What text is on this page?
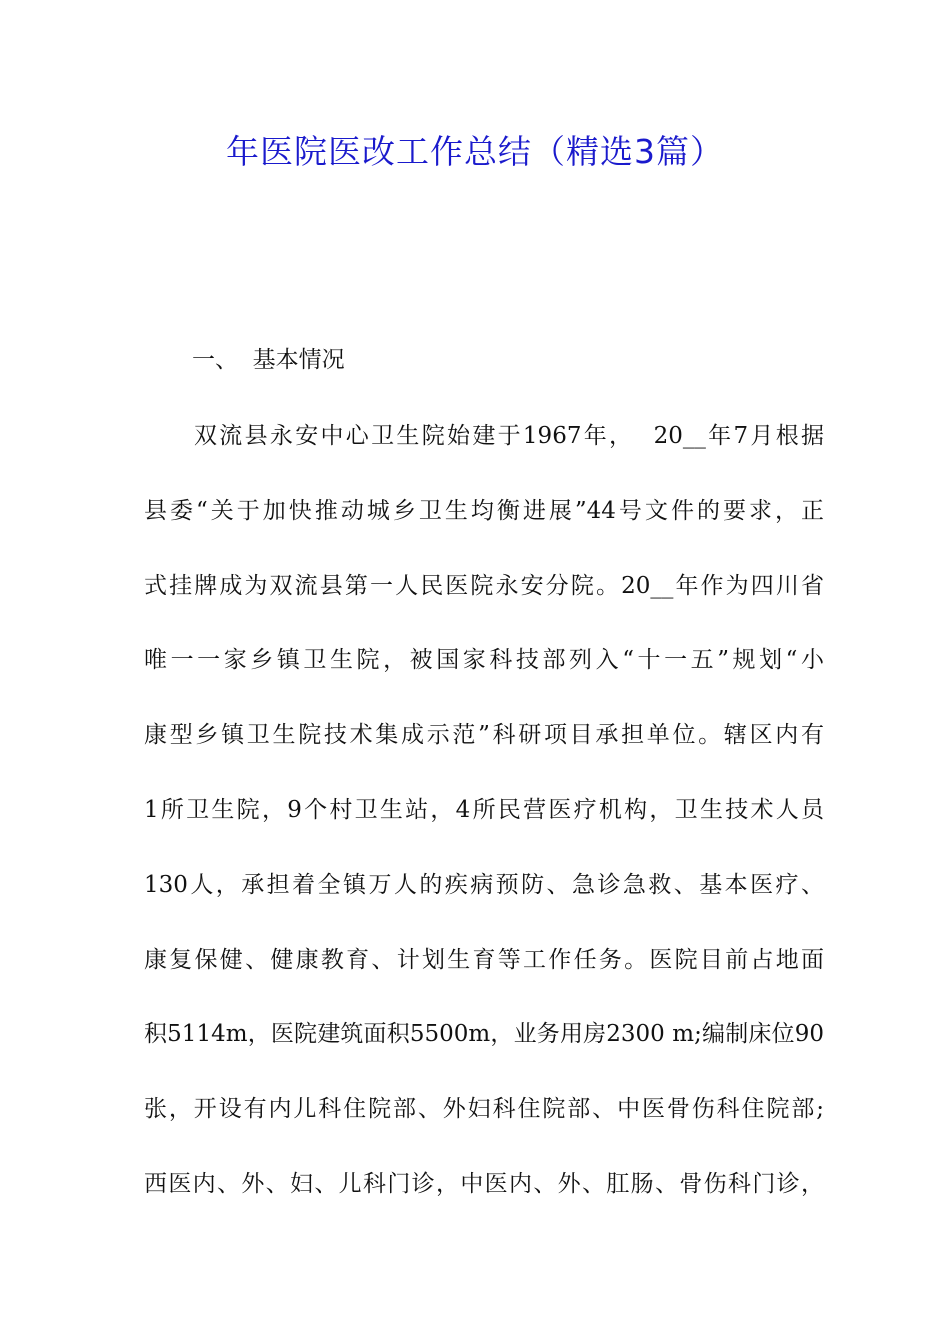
年医院医改工作总结（精选3篇）
一、  基本情况
双流县永安中心卫生院始建于1967年，  20__年7月根据
县委“关于加快推动城乡卫生均衡进展”44号文件的要求，正
式挂牌成为双流县第一人民医院永安分院。20__年作为四川省
唯一一家乡镇卫生院，被国家科技部列入“十一五”规划“小
康型乡镇卫生院技术集成示范”科研项目承担单位。辖区内有
1所卫生院，9个村卫生站，4所民营医疗机构，卫生技术人员
130人，承担着全镇万人的疾病预防、急诊急救、基本医疗、
康复保健、健康教育、计划生育等工作任务。医院目前占地面
积5114m，医院建筑面积5500m，业务用房2300 m;编制床位90
张，开设有内儿科住院部、外妇科住院部、中医骨伤科住院部;
西医内、外、妇、儿科门诊，中医内、外、肛肠、骨伤科门诊，
